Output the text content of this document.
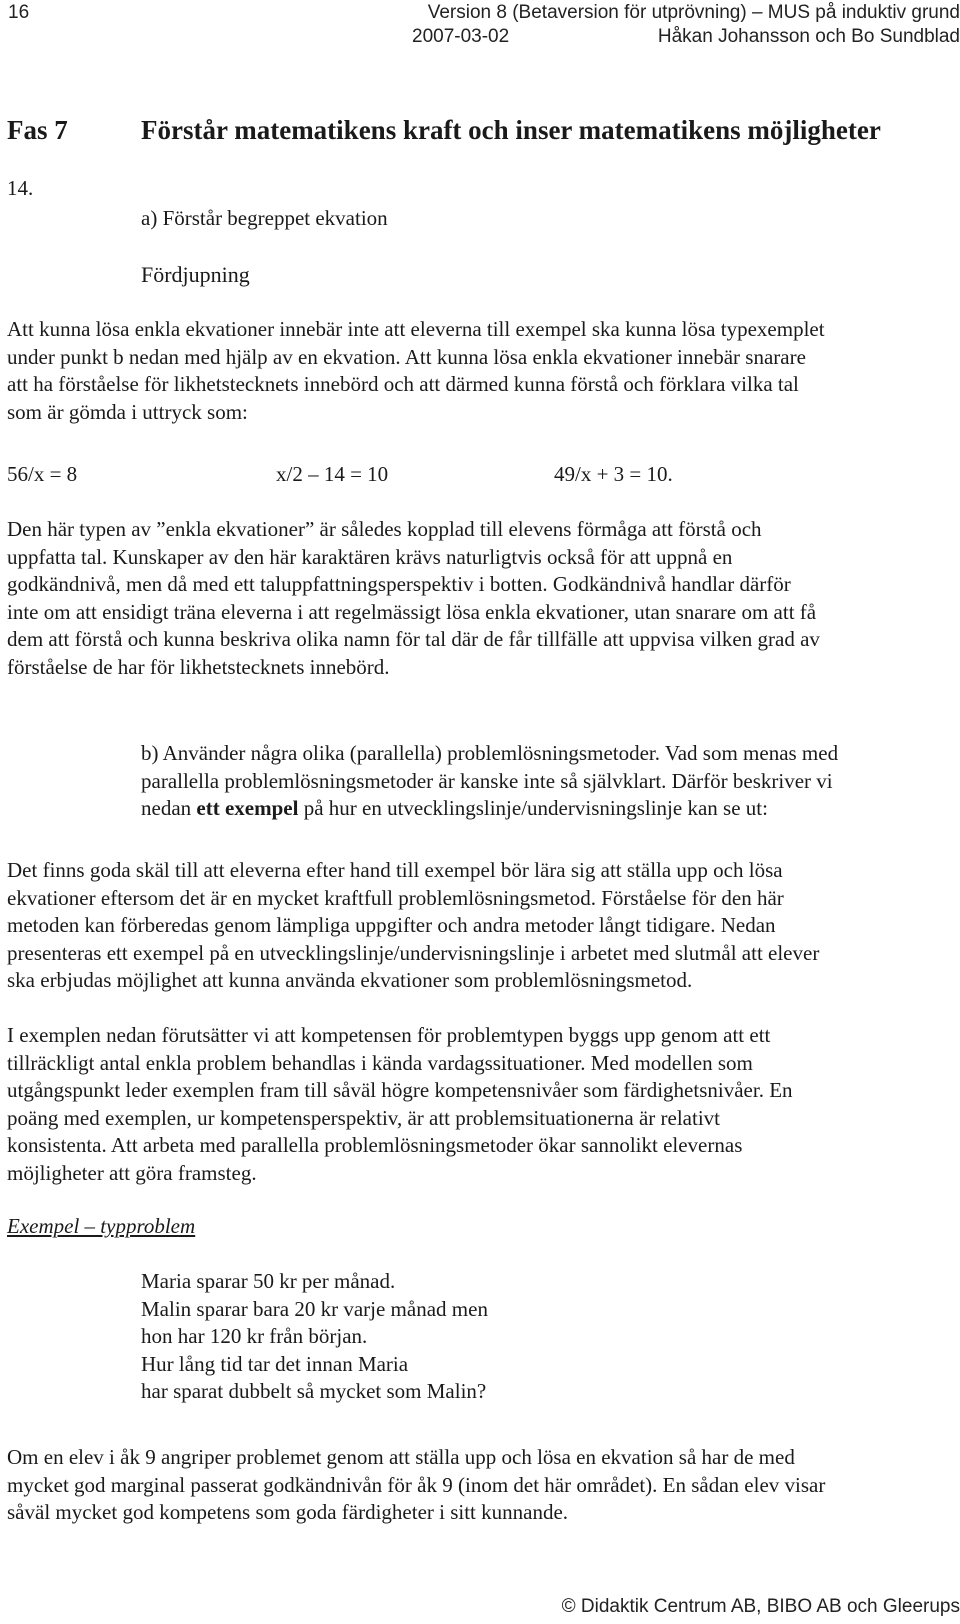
16	Version 8 (Betaversion för utprövning) – MUS på induktiv grund
2007-03-02	Håkan Johansson och Bo Sundblad
Fas 7	Förstår matematikens kraft och inser matematikens möjligheter
14.
a) Förstår begreppet ekvation
Fördjupning
Att kunna lösa enkla ekvationer innebär inte att eleverna till exempel ska kunna lösa typexemplet
under punkt b nedan med hjälp av en ekvation. Att kunna lösa enkla ekvationer innebär snarare
att ha förståelse för likhetstecknets innebörd och att därmed kunna förstå och förklara vilka tal
som är gömda i uttryck som:
56/x = 8	x/2 – 14 = 10	49/x + 3 = 10.
Den här typen av ”enkla ekvationer” är således kopplad till elevens förmåga att förstå och
uppfatta tal. Kunskaper av den här karaktären krävs naturligtvis också för att uppnå en
godkändnivå, men då med ett taluppfattningsperspektiv i botten. Godkändnivå handlar därför
inte om att ensidigt träna eleverna i att regelmässigt lösa enkla ekvationer, utan snarare om att få
dem att förstå och kunna beskriva olika namn för tal där de får tillfälle att uppvisa vilken grad av
förståelse de har för likhetstecknets innebörd.
b) Använder några olika (parallella) problemlösningsmetoder. Vad som menas med
parallella problemlösningsmetoder är kanske inte så självklart. Därför beskriver vi
nedan ett exempel på hur en utvecklingslinje/undervisningslinje kan se ut:
Det finns goda skäl till att eleverna efter hand till exempel bör lära sig att ställa upp och lösa
ekvationer eftersom det är en mycket kraftfull problemlösningsmetod. Förståelse för den här
metoden kan förberedas genom lämpliga uppgifter och andra metoder långt tidigare. Nedan
presenteras ett exempel på en utvecklingslinje/undervisningslinje i arbetet med slutmål att elever
ska erbjudas möjlighet att kunna använda ekvationer som problemlösningsmetod.
I exemplen nedan förutsätter vi att kompetensen för problemtypen byggs upp genom att ett
tillräckligt antal enkla problem behandlas i kända vardagssituationer. Med modellen som
utgångspunkt leder exemplen fram till såväl högre kompetensnivåer som färdighetsnivåer. En
poäng med exemplen, ur kompetensperspektiv, är att problemsituationerna är relativt
konsistenta. Att arbeta med parallella problemlösningsmetoder ökar sannolikt elevernas
möjligheter att göra framsteg.
Exempel – typproblem
Maria sparar 50 kr per månad.
Malin sparar bara 20 kr varje månad men
hon har 120 kr från början.
Hur lång tid tar det innan Maria
har sparat dubbelt så mycket som Malin?
Om en elev i åk 9 angriper problemet genom att ställa upp och lösa en ekvation så har de med
mycket god marginal passerat godkändnivån för åk 9 (inom det här området). En sådan elev visar
såväl mycket god kompetens som goda färdigheter i sitt kunnande.
© Didaktik Centrum AB, BIBO AB och Gleerups
